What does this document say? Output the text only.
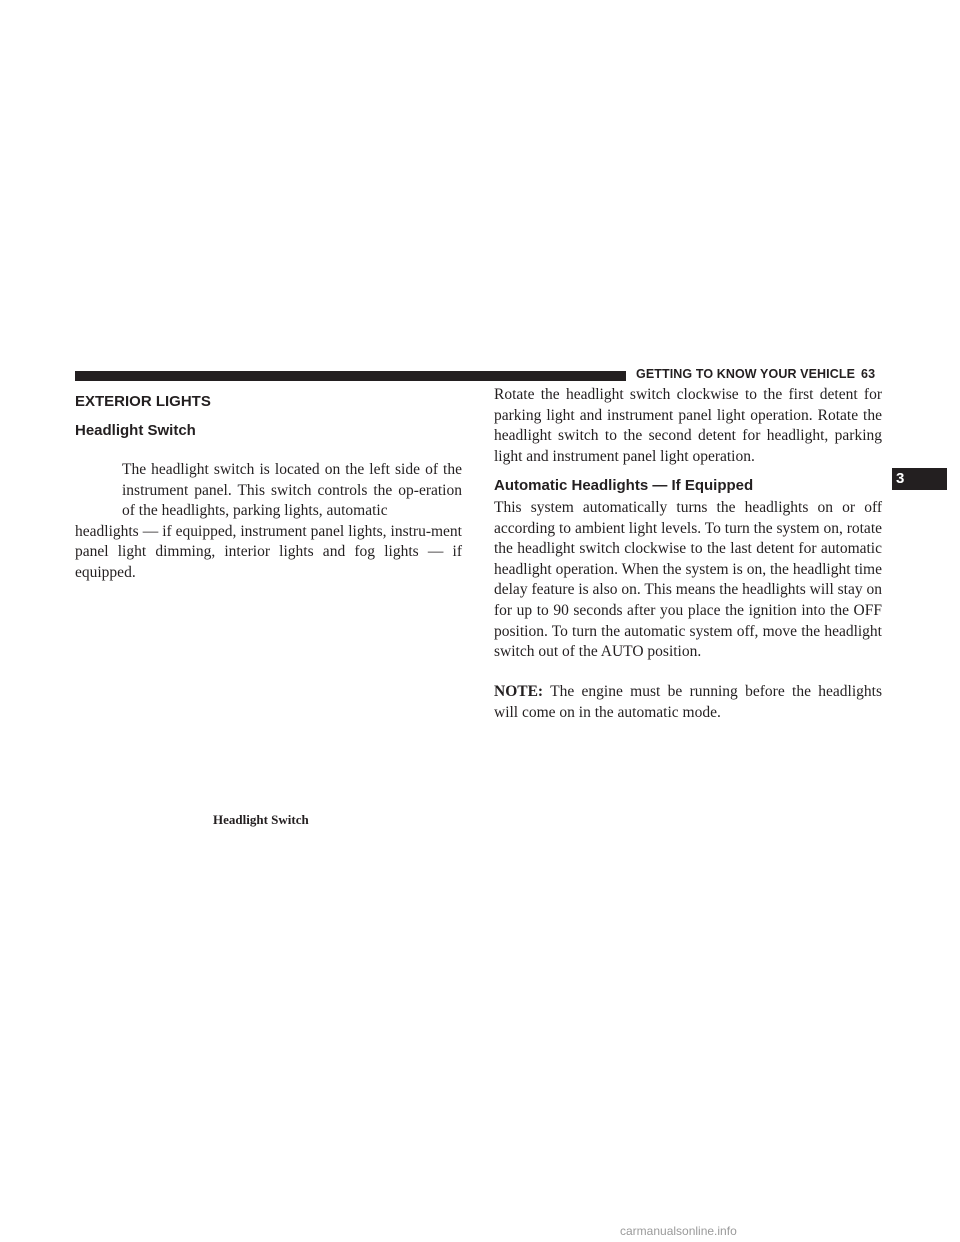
GETTING TO KNOW YOUR VEHICLE 63
3
EXTERIOR LIGHTS
Headlight Switch

The headlight switch is located on the left side of the instrument panel. This switch controls the op-eration of the headlights, parking lights, automatic
headlights — if equipped, instrument panel lights, instru-ment panel light dimming, interior lights and fog lights — if equipped.

Headlight Switch

Rotate the headlight switch clockwise to the first detent for parking light and instrument panel light operation. Rotate the headlight switch to the second detent for headlight, parking light and instrument panel light operation.

Automatic Headlights — If Equipped

This system automatically turns the headlights on or off according to ambient light levels. To turn the system on, rotate the headlight switch clockwise to the last detent for automatic headlight operation. When the system is on, the headlight time delay feature is also on. This means the headlights will stay on for up to 90 seconds after you place the ignition into the OFF position. To turn the automatic system off, move the headlight switch out of the AUTO position.

NOTE: The engine must be running before the headlights will come on in the automatic mode.

carmanualsonline.info
